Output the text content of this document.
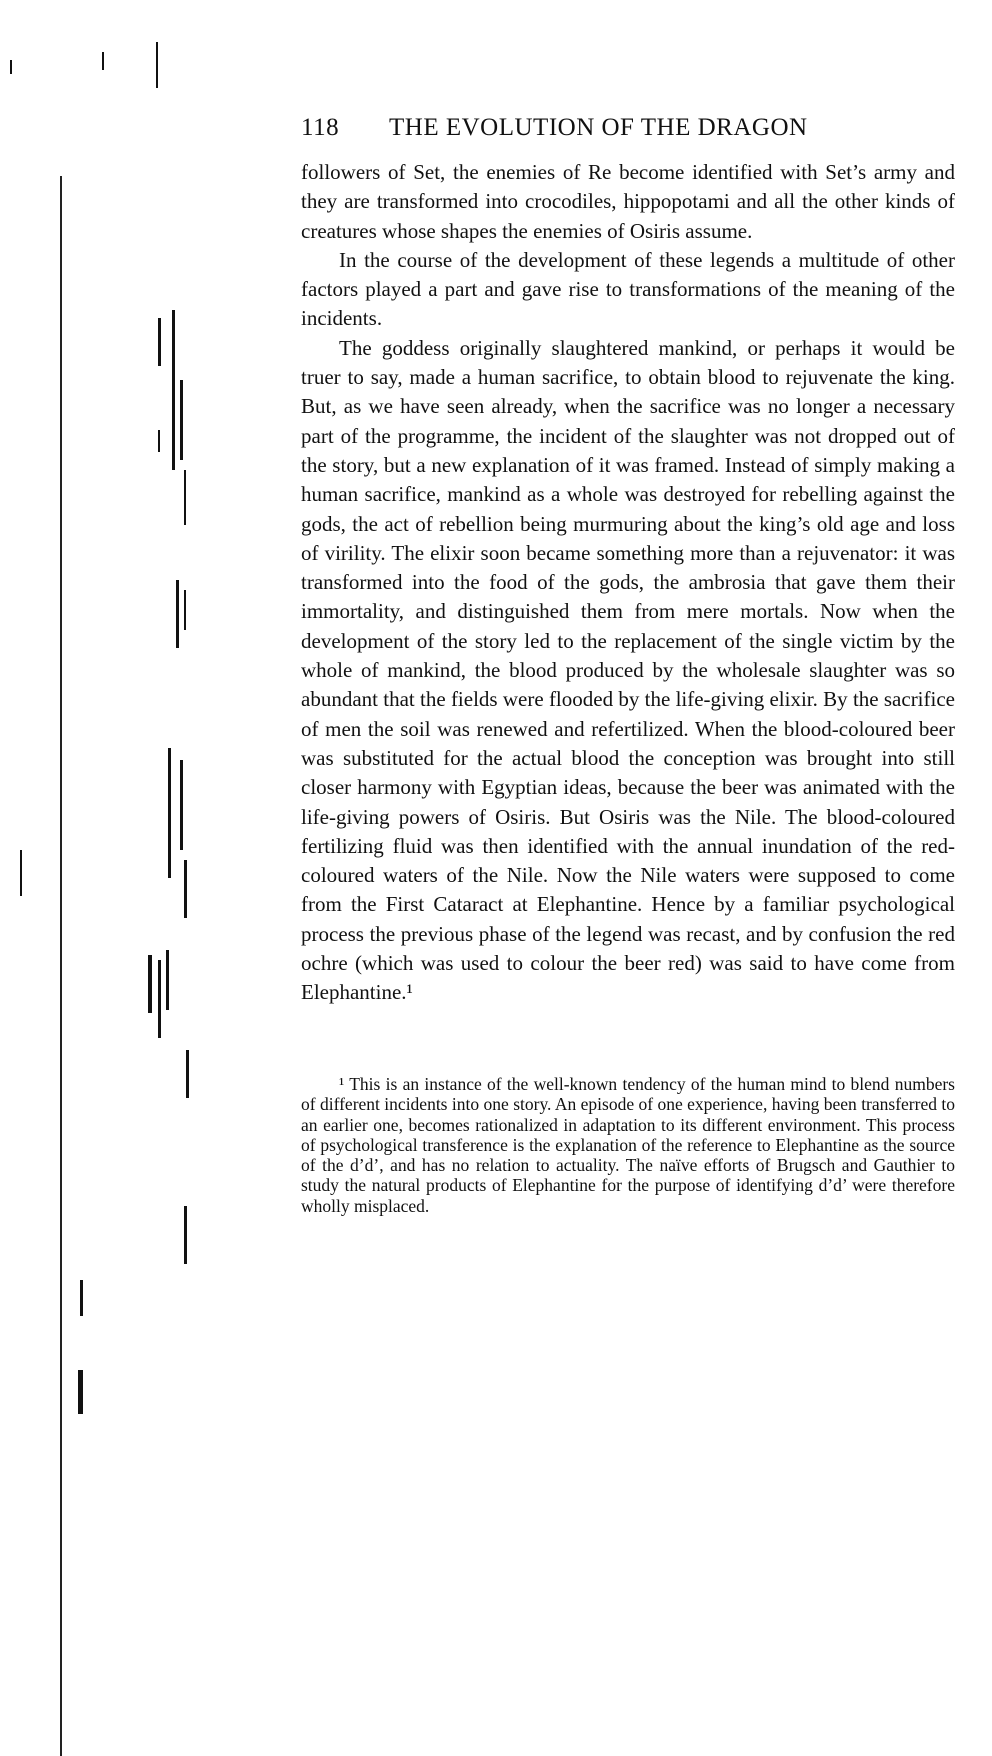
118	THE EVOLUTION OF THE DRAGON

followers of Set, the enemies of Re become identified with Set’s army and they are transformed into crocodiles, hippopotami and all the other kinds of creatures whose shapes the enemies of Osiris assume.

In the course of the development of these legends a multitude of other factors played a part and gave rise to transformations of the meaning of the incidents.

The goddess originally slaughtered mankind, or perhaps it would be truer to say, made a human sacrifice, to obtain blood to rejuvenate the king. But, as we have seen already, when the sacrifice was no longer a necessary part of the programme, the incident of the slaughter was not dropped out of the story, but a new explanation of it was framed. Instead of simply making a human sacrifice, mankind as a whole was destroyed for rebelling against the gods, the act of rebellion being murmuring about the king’s old age and loss of virility. The elixir soon became something more than a rejuvenator: it was transformed into the food of the gods, the ambrosia that gave them their immortality, and distinguished them from mere mortals. Now when the development of the story led to the replacement of the single victim by the whole of mankind, the blood produced by the wholesale slaughter was so abundant that the fields were flooded by the life-giving elixir. By the sacrifice of men the soil was renewed and refertilized. When the blood-coloured beer was substituted for the actual blood the conception was brought into still closer harmony with Egyptian ideas, because the beer was animated with the life-giving powers of Osiris. But Osiris was the Nile. The blood-coloured fertilizing fluid was then identified with the annual inundation of the red-coloured waters of the Nile. Now the Nile waters were supposed to come from the First Cataract at Elephantine. Hence by a familiar psychological process the previous phase of the legend was recast, and by confusion the red ochre (which was used to colour the beer red) was said to have come from Elephantine.¹

¹ This is an instance of the well-known tendency of the human mind to blend numbers of different incidents into one story. An episode of one experience, having been transferred to an earlier one, becomes rationalized in adaptation to its different environment. This process of psychological transference is the explanation of the reference to Elephantine as the source of the d’d’, and has no relation to actuality. The naïve efforts of Brugsch and Gauthier to study the natural products of Elephantine for the purpose of identifying d’d’ were therefore wholly misplaced.
